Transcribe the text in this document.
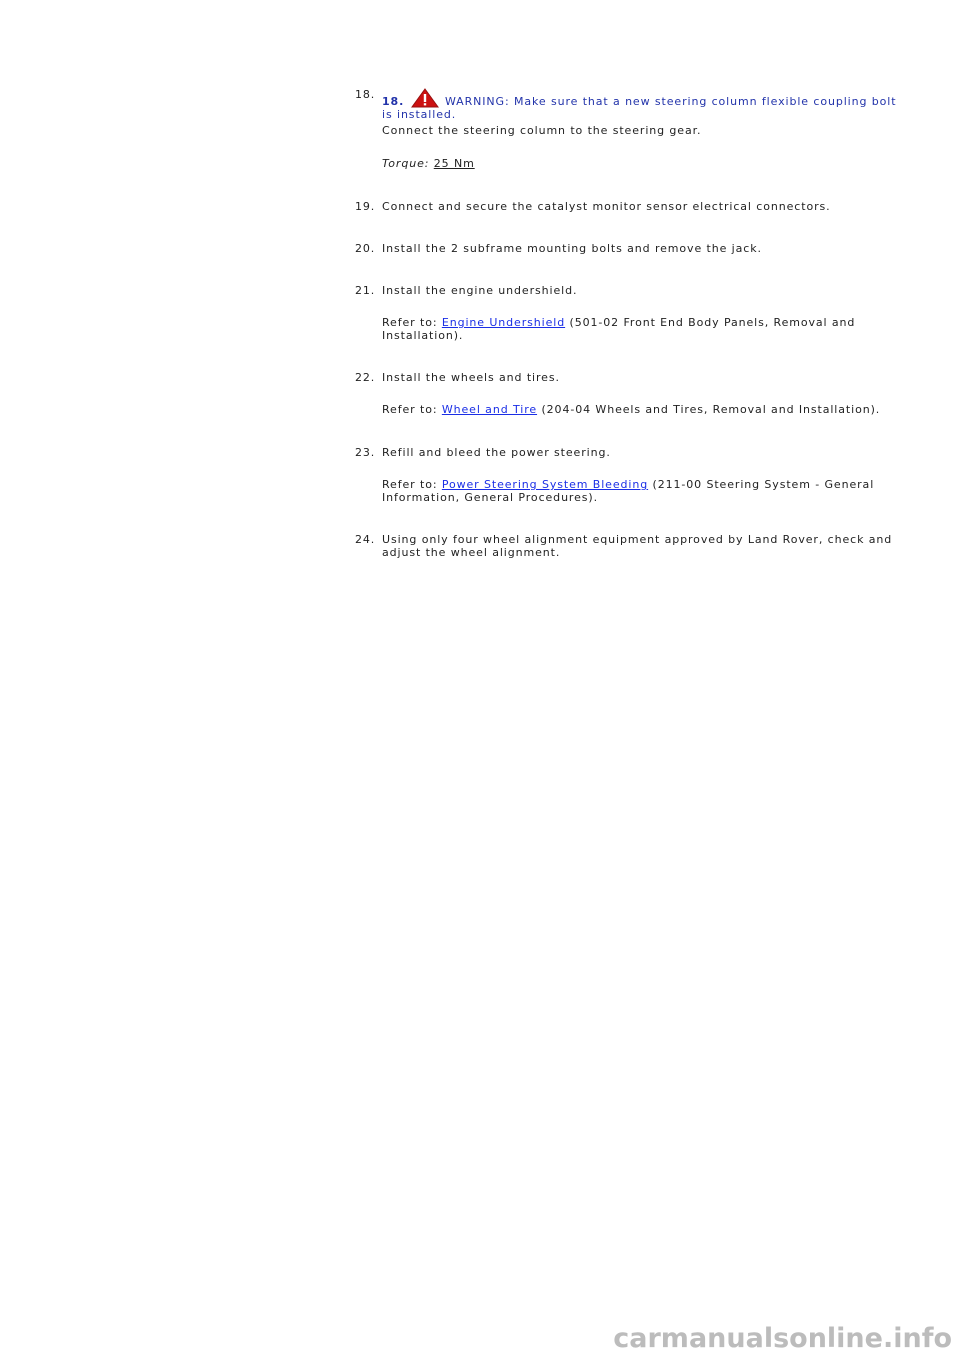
18.
18.	WARNING: Make sure that a new steering column flexible coupling bolt is installed.
Connect the steering column to the steering gear.
Torque: 25 Nm
19. Connect and secure the catalyst monitor sensor electrical connectors.
20. Install the 2 subframe mounting bolts and remove the jack.
21. Install the engine undershield.
Refer to: Engine Undershield (501-02 Front End Body Panels, Removal and Installation).
22. Install the wheels and tires.
Refer to: Wheel and Tire (204-04 Wheels and Tires, Removal and Installation).
23. Refill and bleed the power steering.
Refer to: Power Steering System Bleeding (211-00 Steering System - General Information, General Procedures).
24. Using only four wheel alignment equipment approved by Land Rover, check and adjust the wheel alignment.
carmanualsonline.info
